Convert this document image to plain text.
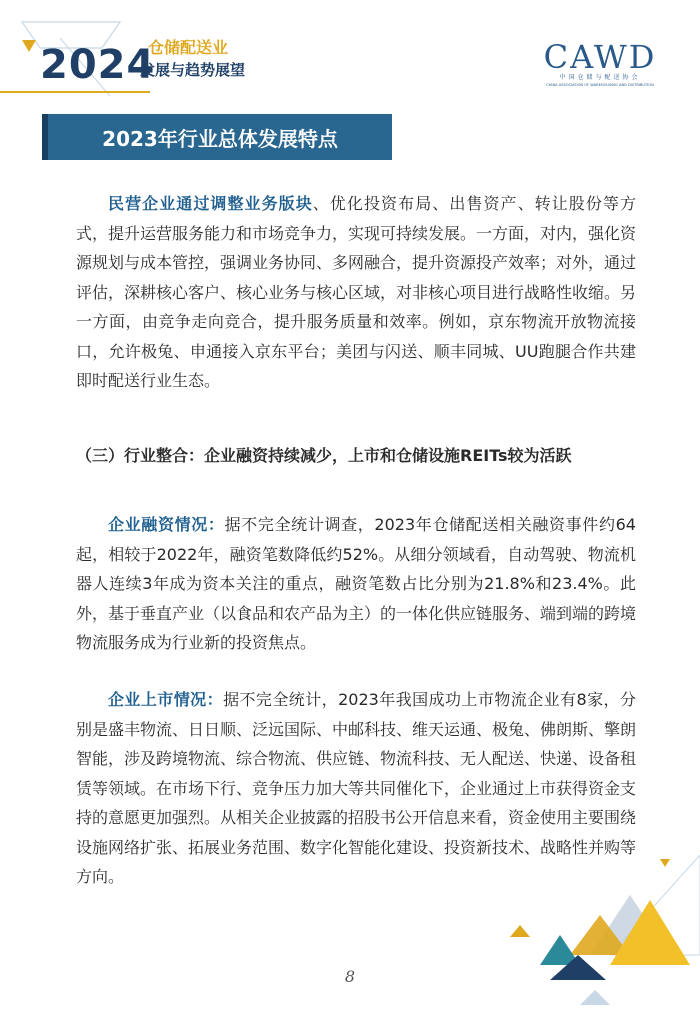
2024
仓储配送业
发展与趋势展望	CAWD
中国仓储与配送协会
CHINA ASSOCIATION OF WAREHOUSING AND DISTRIBUTION
2023年行业总体发展特点

民营企业通过调整业务版块、优化投资布局、出售资产、转让股份等方式，提升运营服务能力和市场竞争力，实现可持续发展。一方面，对内，强化资源规划与成本管控，强调业务协同、多网融合，提升资源投产效率；对外，通过评估，深耕核心客户、核心业务与核心区域，对非核心项目进行战略性收缩。另一方面，由竞争走向竞合，提升服务质量和效率。例如，京东物流开放物流接口，允许极兔、申通接入京东平台；美团与闪送、顺丰同城、UU跑腿合作共建即时配送行业生态。

（三）行业整合：企业融资持续减少，上市和仓储设施REITs较为活跃

企业融资情况：据不完全统计调查，2023年仓储配送相关融资事件约64起，相较于2022年，融资笔数降低约52%。从细分领域看，自动驾驶、物流机器人连续3年成为资本关注的重点，融资笔数占比分别为21.8%和23.4%。此外，基于垂直产业（以食品和农产品为主）的一体化供应链服务、端到端的跨境物流服务成为行业新的投资焦点。

企业上市情况：据不完全统计，2023年我国成功上市物流企业有8家，分别是盛丰物流、日日顺、泛远国际、中邮科技、维天运通、极兔、佛朗斯、擎朗智能，涉及跨境物流、综合物流、供应链、物流科技、无人配送、快递、设备租赁等领域。在市场下行、竞争压力加大等共同催化下，企业通过上市获得资金支持的意愿更加强烈。从相关企业披露的招股书公开信息来看，资金使用主要围绕设施网络扩张、拓展业务范围、数字化智能化建设、投资新技术、战略性并购等方向。

8
